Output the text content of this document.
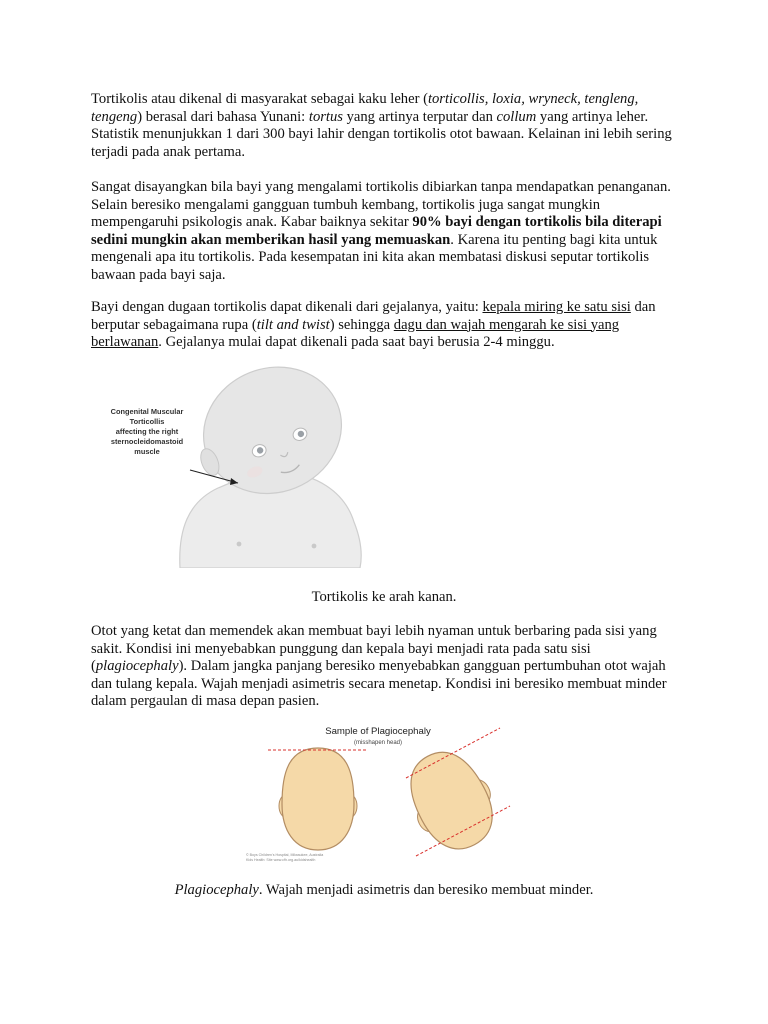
Tortikolis atau dikenal di masyarakat sebagai kaku leher (torticollis, loxia, wryneck, tengleng, tengeng) berasal dari bahasa Yunani: tortus yang artinya terputar dan collum yang artinya leher. Statistik menunjukkan 1 dari 300 bayi lahir dengan tortikolis otot bawaan. Kelainan ini lebih sering terjadi pada anak pertama.

Sangat disayangkan bila bayi yang mengalami tortikolis dibiarkan tanpa mendapatkan penanganan. Selain beresiko mengalami gangguan tumbuh kembang, tortikolis juga sangat mungkin mempengaruhi psikologis anak. Kabar baiknya sekitar 90% bayi dengan tortikolis bila diterapi sedini mungkin akan memberikan hasil yang memuaskan. Karena itu penting bagi kita untuk mengenali apa itu tortikolis. Pada kesempatan ini kita akan membatasi diskusi seputar tortikolis bawaan pada bayi saja.

Bayi dengan dugaan tortikolis dapat dikenali dari gejalanya, yaitu: kepala miring ke satu sisi dan berputar sebagaimana rupa (tilt and twist) sehingga dagu dan wajah mengarah ke sisi yang berlawanan. Gejalanya mulai dapat dikenali pada saat bayi berusia 2-4 minggu.

Congenital Muscular
Torticollis
affecting the right
sternocleidomastoid
muscle

Tortikolis ke arah kanan.

Otot yang ketat dan memendek akan membuat bayi lebih nyaman untuk berbaring pada sisi yang sakit. Kondisi ini menyebabkan punggung dan kepala bayi menjadi rata pada satu sisi (plagiocephaly). Dalam jangka panjang beresiko menyebabkan gangguan pertumbuhan otot wajah dan tulang kepala. Wajah menjadi asimetris secara menetap. Kondisi ini beresiko membuat minder dalam pergaulan di masa depan pasien.

Sample of Plagiocephaly
(misshapen head)
© Boys Children's Hospital, Milwaukee, Australia
Kids Health: Site www.cfh.org.au/kidshealth

Plagiocephaly. Wajah menjadi asimetris dan beresiko membuat minder.
